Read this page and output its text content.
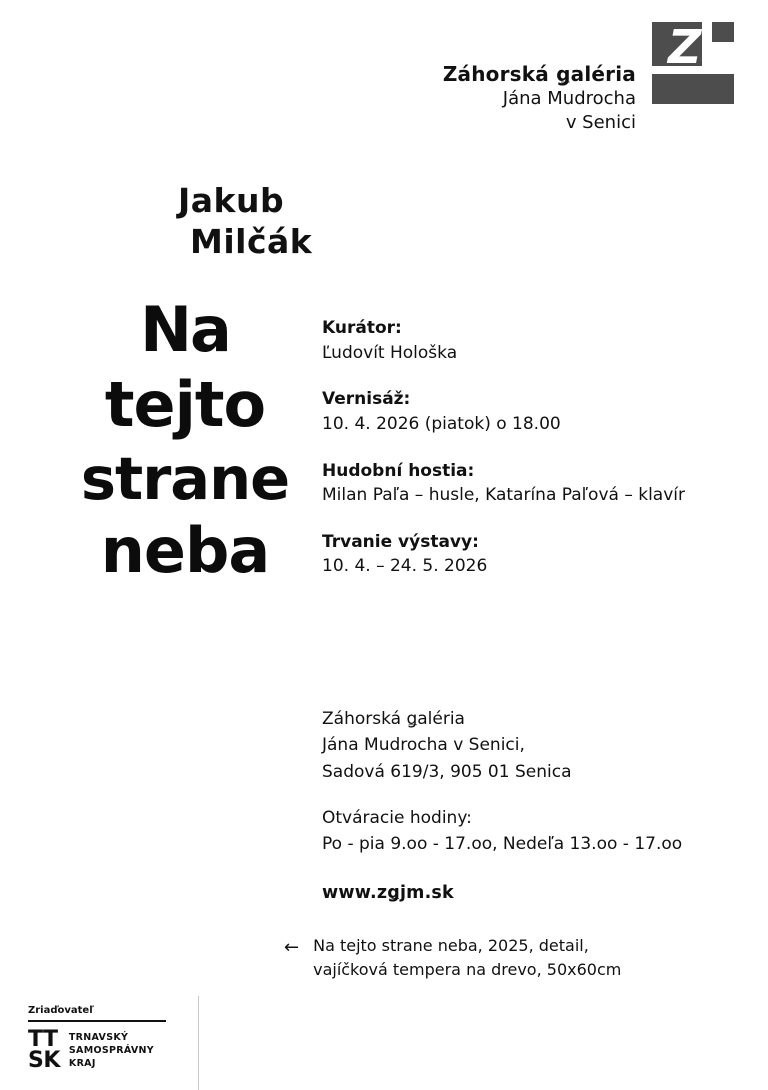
Záhorská ǥaléria
Jána Mudrocha
v Senici
Z
Jakub
Milčák
Na
tejto
strane
neba
Kurátor:
Ľudovít Hološka
Vernisáž:
10. 4. 2026 (piatok) o 18.00
Hudobní hostia:
Milan Paľa – husle, Katarína Paľová – klavír
Trvanie výstavy:
10. 4. – 24. 5. 2026
Záhorská ǥaléria
Jána Mudrocha v Senici,
Sadová 619/3, 905 01 Senica
Otváracie hodiny:
Po - pia 9.oo - 17.oo, Nedeľa 13.oo - 17.oo
www.zǥjm.sk
← Na tejto strane neba, 2025, detail,
vajíčková tempera na drevo, 50x60cm
Zriaďovateľ
TT
SK
TRNAVSKÝ
SAMOSPRÁVNY
KRAJ
